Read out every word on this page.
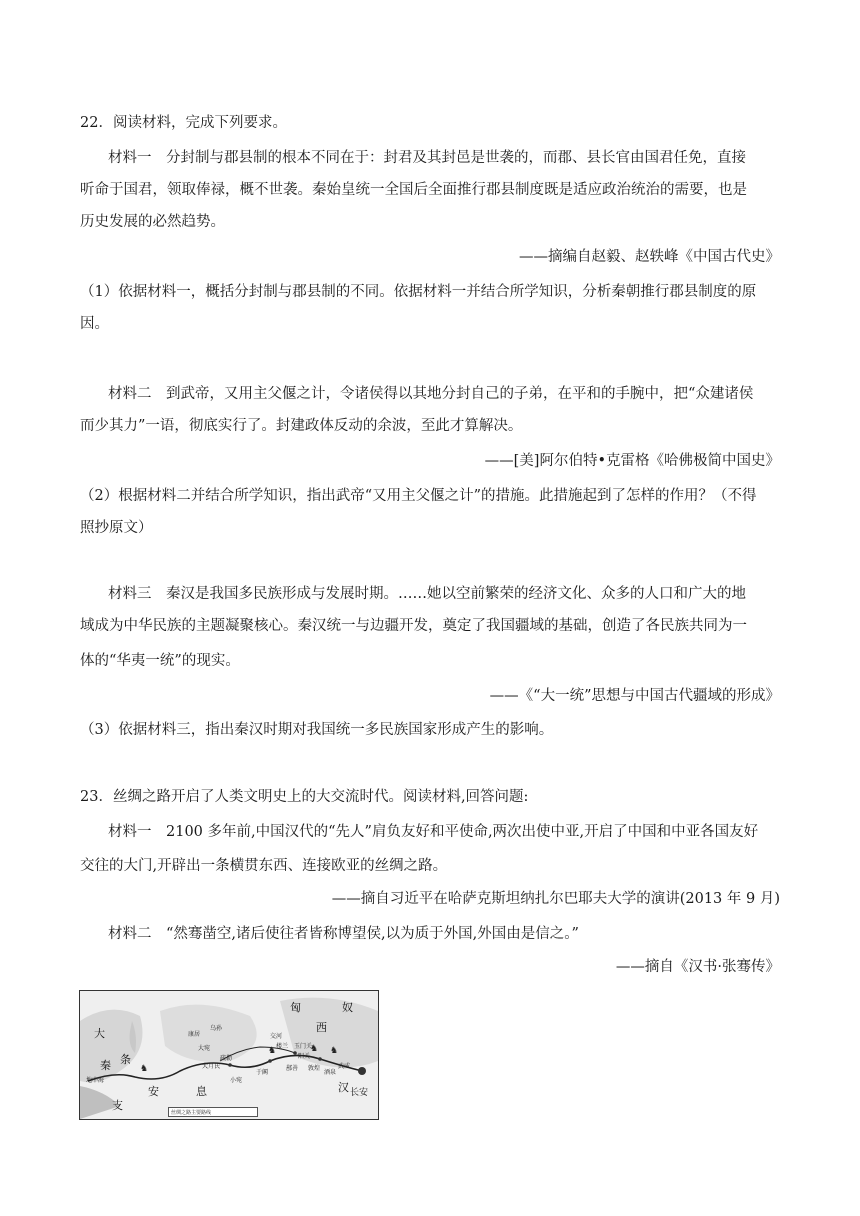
22．阅读材料，完成下列要求。
材料一　分封制与郡县制的根本不同在于：封君及其封邑是世袭的，而郡、县长官由国君任免，直接
听命于国君，领取俸禄，概不世袭。秦始皇统一全国后全面推行郡县制度既是适应政治统治的需要，也是
历史发展的必然趋势。
——摘编自赵毅、赵轶峰《中国古代史》
（1）依据材料一，概括分封制与郡县制的不同。依据材料一并结合所学知识，分析秦朝推行郡县制度的原
因。
材料二　到武帝，又用主父偃之计，令诸侯得以其地分封自己的子弟，在平和的手腕中，把“众建诸侯
而少其力”一语，彻底实行了。封建政体反动的余波，至此才算解决。
——[美]阿尔伯特•克雷格《哈佛极简中国史》
（2）根据材料二并结合所学知识，指出武帝“又用主父偃之计”的措施。此措施起到了怎样的作用？（不得
照抄原文）
材料三　秦汉是我国多民族形成与发展时期。……她以空前繁荣的经济文化、众多的人口和广大的地
域成为中华民族的主题凝聚核心。秦汉统一与边疆开发，奠定了我国疆域的基础，创造了各民族共同为一
体的“华夷一统”的现实。
——《“大一统”思想与中国古代疆域的形成》
（3）依据材料三，指出秦汉时期对我国统一多民族国家形成产生的影响。
23．丝绸之路开启了人类文明史上的大交流时代。阅读材料,回答问题:
材料一　2100 多年前,中国汉代的“先人”肩负友好和平使命,两次出使中亚,开启了中国和中亚各国友好
交往的大门,开辟出一条横贯东西、连接欧亚的丝绸之路。
——摘自习近平在哈萨克斯坦纳扎尔巴耶夫大学的演讲(2013 年 9 月)
材料二　“然骞凿空,诸后使往者皆称博望侯,以为质于外国,外国由是信之。”
——摘自《汉书·张骞传》
♞
♞	♞ ♞
匈	奴
西
大
秦 条
支
安	息	汉 长安
康居
乌孙
大宛
疏勒
大月氏
小宛
于阗
楼兰 玉门关
交河
鄯善
阳关
敦煌
酒泉
武威
地中海
丝绸之路主要路线
